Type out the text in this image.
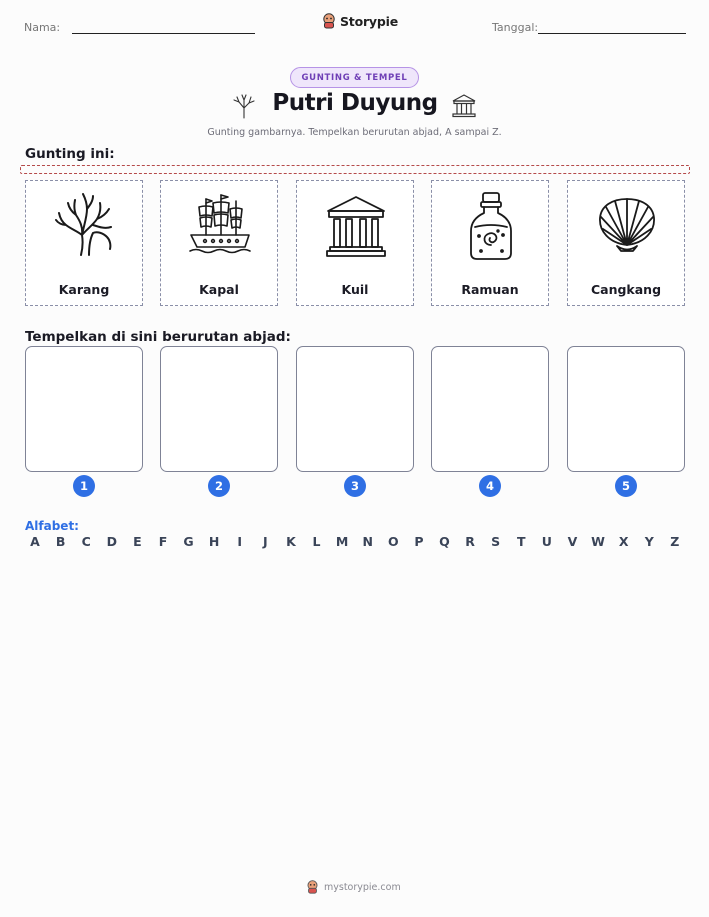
Nama:	Storypie	Tanggal:
GUNTING & TEMPEL
Putri Duyung
Gunting gambarnya. Tempelkan berurutan abjad, A sampai Z.
Gunting ini:
Karang	Kapal	Kuil	Ramuan	Cangkang
Tempelkan di sini berurutan abjad:
1	2	3	4	5
Alfabet:
A	B	C	D	E	F	G	H	I	J	K	L	M	N	O	P	Q	R	S	T	U	V	W	X	Y	Z
mystorypie.com
